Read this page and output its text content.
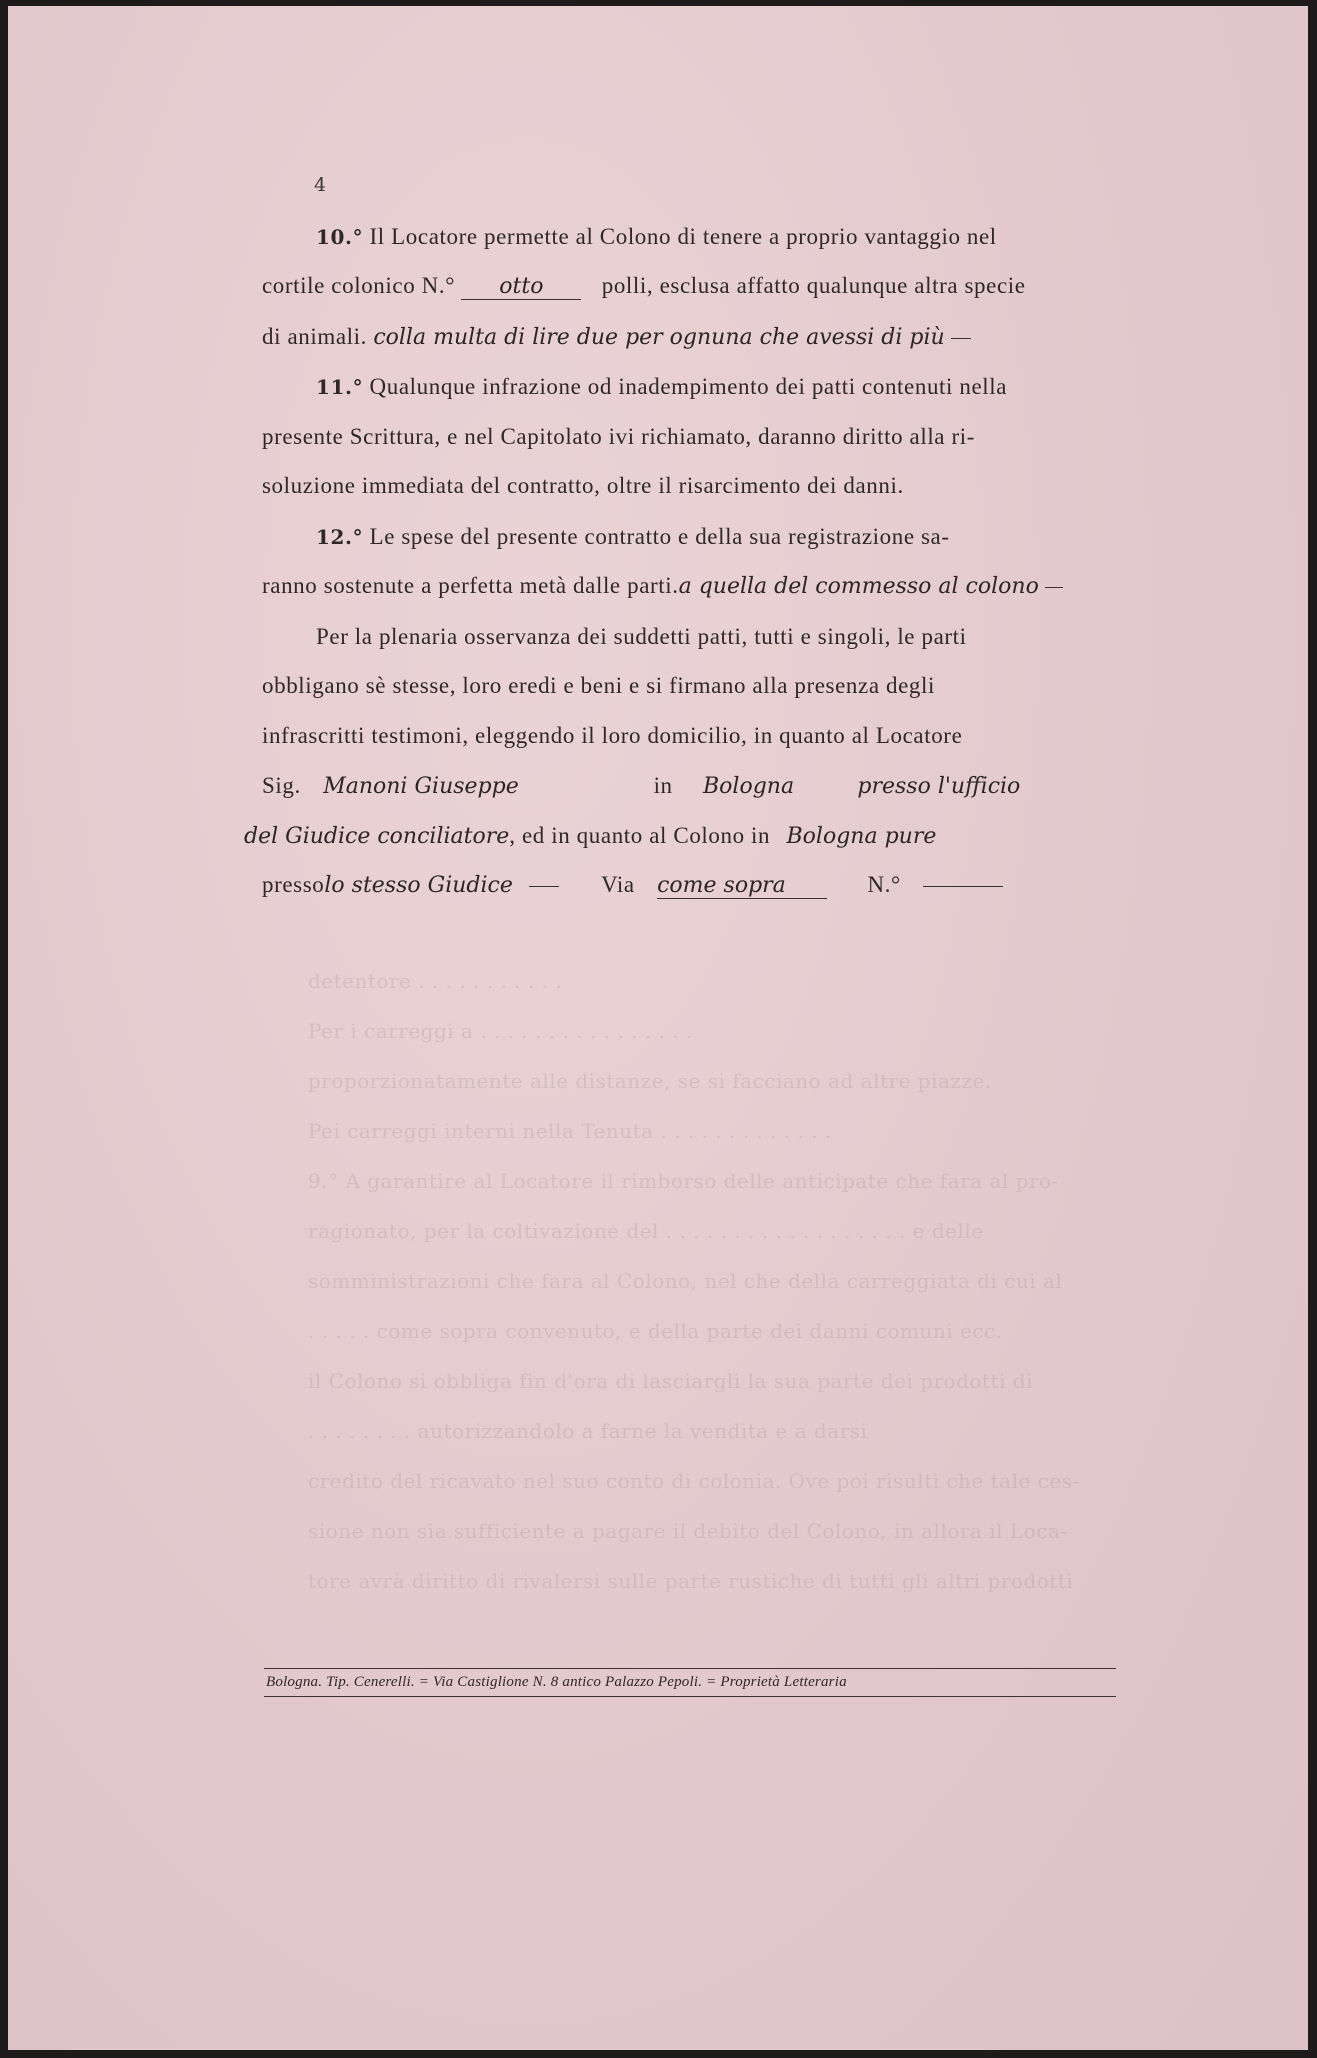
detentore . . . . . . . . . . .
Per i carreggi a . . . . . . . . . . . . . . . .
proporzionatamente alle distanze, se si facciano ad altre piazze.
Pei carreggi interni nella Tenuta . . . . . . . . . . . . .
9.° A garantire al Locatore il rimborso delle anticipate che fara al pro-
ragionato, per la coltivazione del . . . . . . . . . . . . . . . . . . e delle
somministrazioni che fara al Colono, nel che della carreggiata di cui al
. . . . . come sopra convenuto, e della parte dei danni comuni ecc.
il Colono si obbliga fin d'ora di lasciargli la sua parte dei prodotti di
. . . . . . . . autorizzandolo a farne la vendita e a darsi
credito del ricavato nel suo conto di colonia. Ove poi risulti che tale ces-
sione non sia sufficiente a pagare il debito del Colono, in allora il Loca-
tore avrà diritto di rivalersi sulle parte rustiche di tutti gli altri prodotti
4
10.° Il Locatore permette al Colono di tenere a proprio vantaggio nel
cortile colonico N.° otto	polli, esclusa affatto qualunque altra specie
di animali. colla multa di lire due per ognuna che avessi di più
11.° Qualunque infrazione od inadempimento dei patti contenuti nella
presente Scrittura, e nel Capitolato ivi richiamato, daranno diritto alla ri-
soluzione immediata del contratto, oltre il risarcimento dei danni.
12.° Le spese del presente contratto e della sua registrazione sa-
ranno sostenute a perfetta metà dalle parti.a quella del commesso al colono
Per la plenaria osservanza dei suddetti patti, tutti e singoli, le parti
obbligano sè stesse, loro eredi e beni e si firmano alla presenza degli
infrascritti testimoni, eleggendo il loro domicilio, in quanto al Locatore
Sig. Manoni Giuseppe	in Bologna	presso l'ufficio
del Giudice conciliatore, ed in quanto al Colono in Bologna pure
pressolo stesso Giudice	Via come sopra	N.°
Bologna. Tip. Cenerelli. = Via Castiglione N. 8 antico Palazzo Pepoli. = Proprietà Letteraria
